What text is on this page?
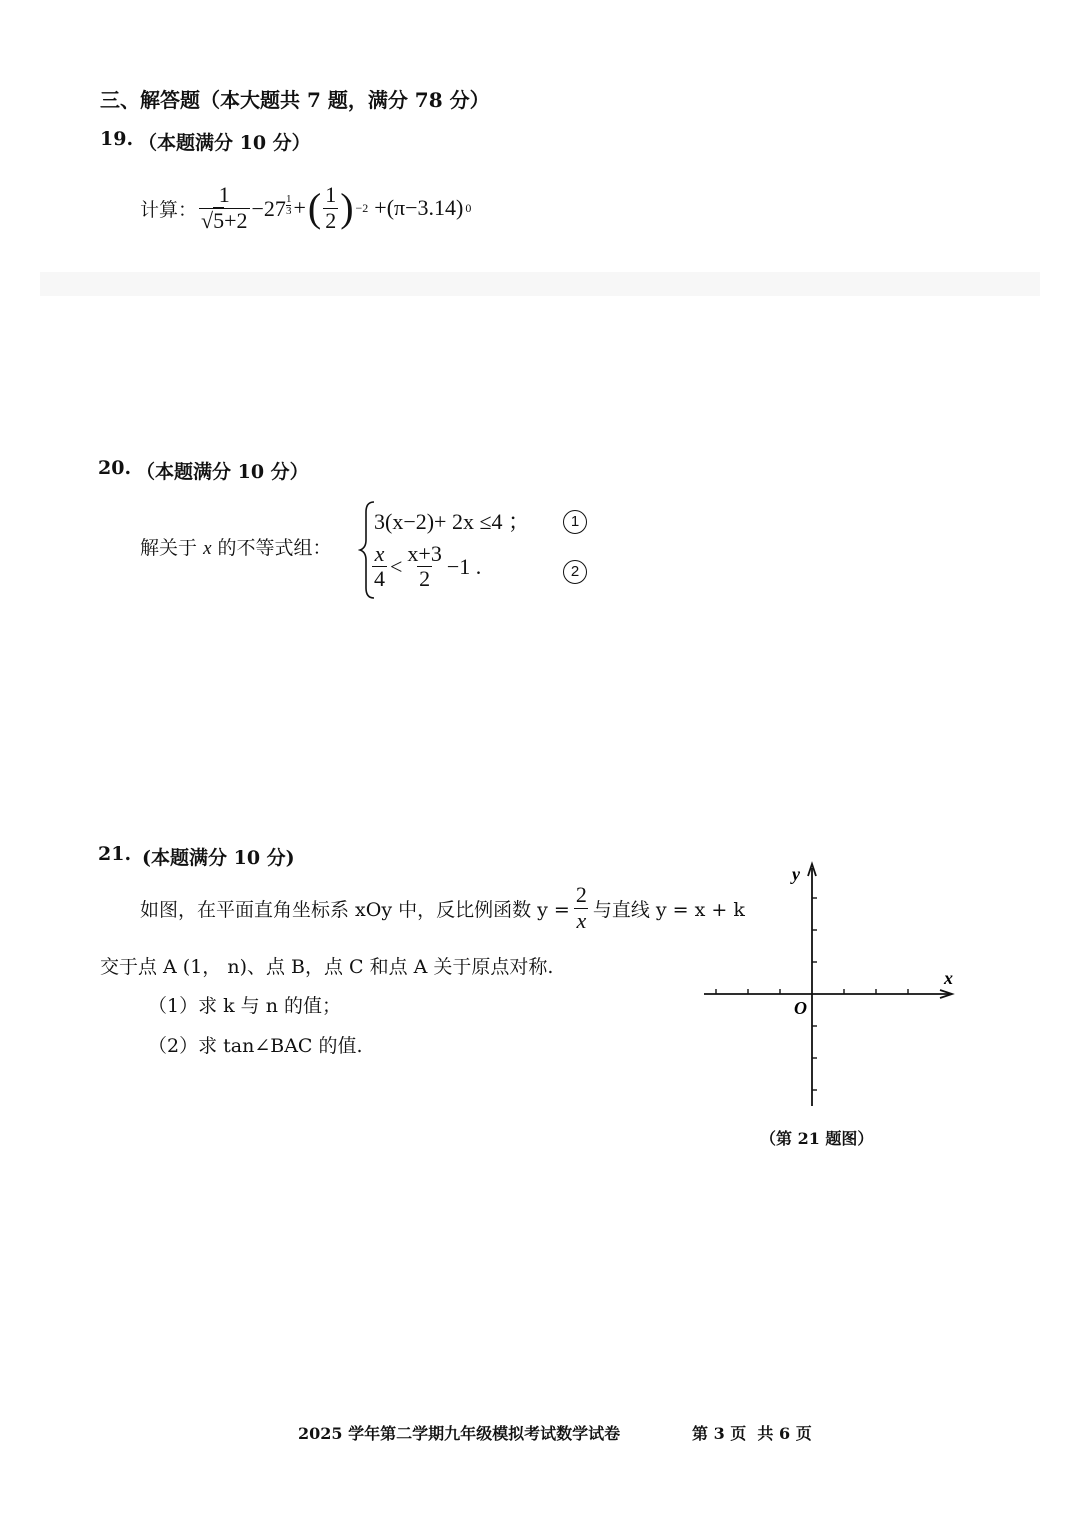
三、解答题（本大题共 7 题，满分 78 分）
19. （本题满分 10 分）
计算： $\frac{1}{√5+2} -27$ $^{\frac{1}{3}}$ + ( $\frac{1}{2}$ ) −2 +(π−3.14) 0
20. （本题满分 10 分）
解关于 x 的不等式组：
3(x−2)+ 2x ≤4 ；	1
$\frac{x}{4} < \frac{x+3}{2} -1$ .	2
21. (本题满分 10 分)
如图，在平面直角坐标系 xOy 中，反比例函数 $y = \frac{2}{x}$ 与直线 y = x + k
交于点 A (1， n)、点 B，点 C 和点 A 关于原点对称.
（1）求 k 与 n 的值；
（2）求 tan∠BAC 的值.
y
x
O
（第 21 题图）
2025 学年第二学期九年级模拟考试数学试卷	第 3 页  共 6 页
